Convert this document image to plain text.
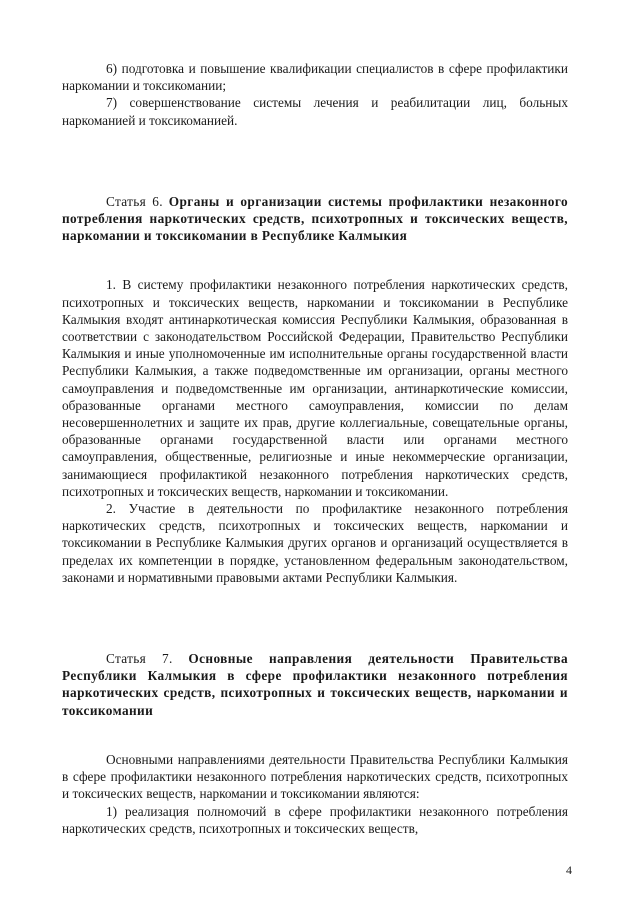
6) подготовка и повышение квалификации специалистов в сфере профилактики наркомании и токсикомании;

7) совершенствование системы лечения и реабилитации лиц, больных наркоманией и токсикоманией.

Статья 6. Органы и организации системы профилактики незаконного потребления наркотических средств, психотропных и токсических веществ, наркомании и токсикомании в Республике Калмыкия

1. В систему профилактики незаконного потребления наркотических средств, психотропных и токсических веществ, наркомании и токсикомании в Республике Калмыкия входят антинаркотическая комиссия Республики Калмыкия, образованная в соответствии с законодательством Российской Федерации, Правительство Республики Калмыкия и иные уполномоченные им исполнительные органы государственной власти Республики Калмыкия, а также подведомственные им организации, органы местного самоуправления и подведомственные им организации, антинаркотические комиссии, образованные органами местного самоуправления, комиссии по делам несовершеннолетних и защите их прав, другие коллегиальные, совещательные органы, образованные органами государственной власти или органами местного самоуправления, общественные, религиозные и иные некоммерческие организации, занимающиеся профилактикой незаконного потребления наркотических средств, психотропных и токсических веществ, наркомании и токсикомании.

2. Участие в деятельности по профилактике незаконного потребления наркотических средств, психотропных и токсических веществ, наркомании и токсикомании в Республике Калмыкия других органов и организаций осуществляется в пределах их компетенции в порядке, установленном федеральным законодательством, законами и нормативными правовыми актами Республики Калмыкия.

Статья 7. Основные направления деятельности Правительства Республики Калмыкия в сфере профилактики незаконного потребления наркотических средств, психотропных и токсических веществ, наркомании и токсикомании

Основными направлениями деятельности Правительства Республики Калмыкия в сфере профилактики незаконного потребления наркотических средств, психотропных и токсических веществ, наркомании и токсикомании являются:

1) реализация полномочий в сфере профилактики незаконного потребления наркотических средств, психотропных и токсических веществ,

4
